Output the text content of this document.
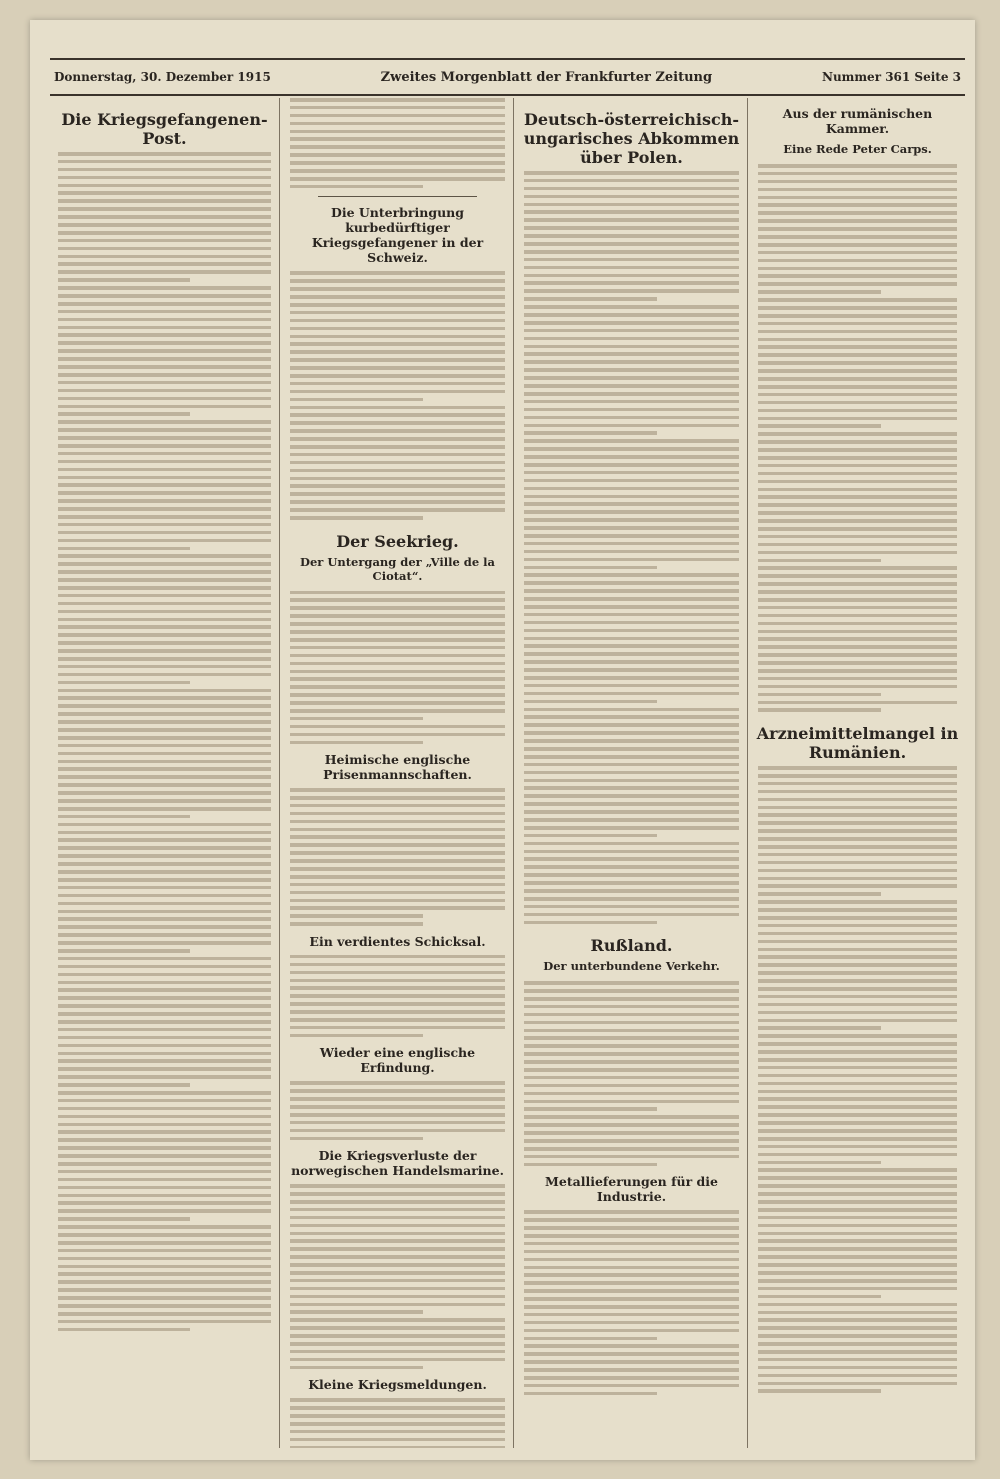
Donnerstag, 30. Dezember 1915	Zweites Morgenblatt der Frankfurter Zeitung	Nummer 361 Seite 3
Die Kriegsgefangenen-Post.
Die Unterbringung kurbedürftiger Kriegsgefangener in der Schweiz.
Der Seekrieg.
Der Untergang der „Ville de la Ciotat“.
Heimische englische Prisenmannschaften.
Ein verdientes Schicksal.
Wieder eine englische Erfindung.
Die Kriegsverluste der norwegischen Handelsmarine.
Kleine Kriegsmeldungen.
Deutsch-österreichisch-ungarisches Abkommen über Polen.
Rußland.
Der unterbundene Verkehr.
Metallieferungen für die Industrie.
Aus der rumänischen Kammer.
Eine Rede Peter Carps.
Arzneimittelmangel in Rumänien.
